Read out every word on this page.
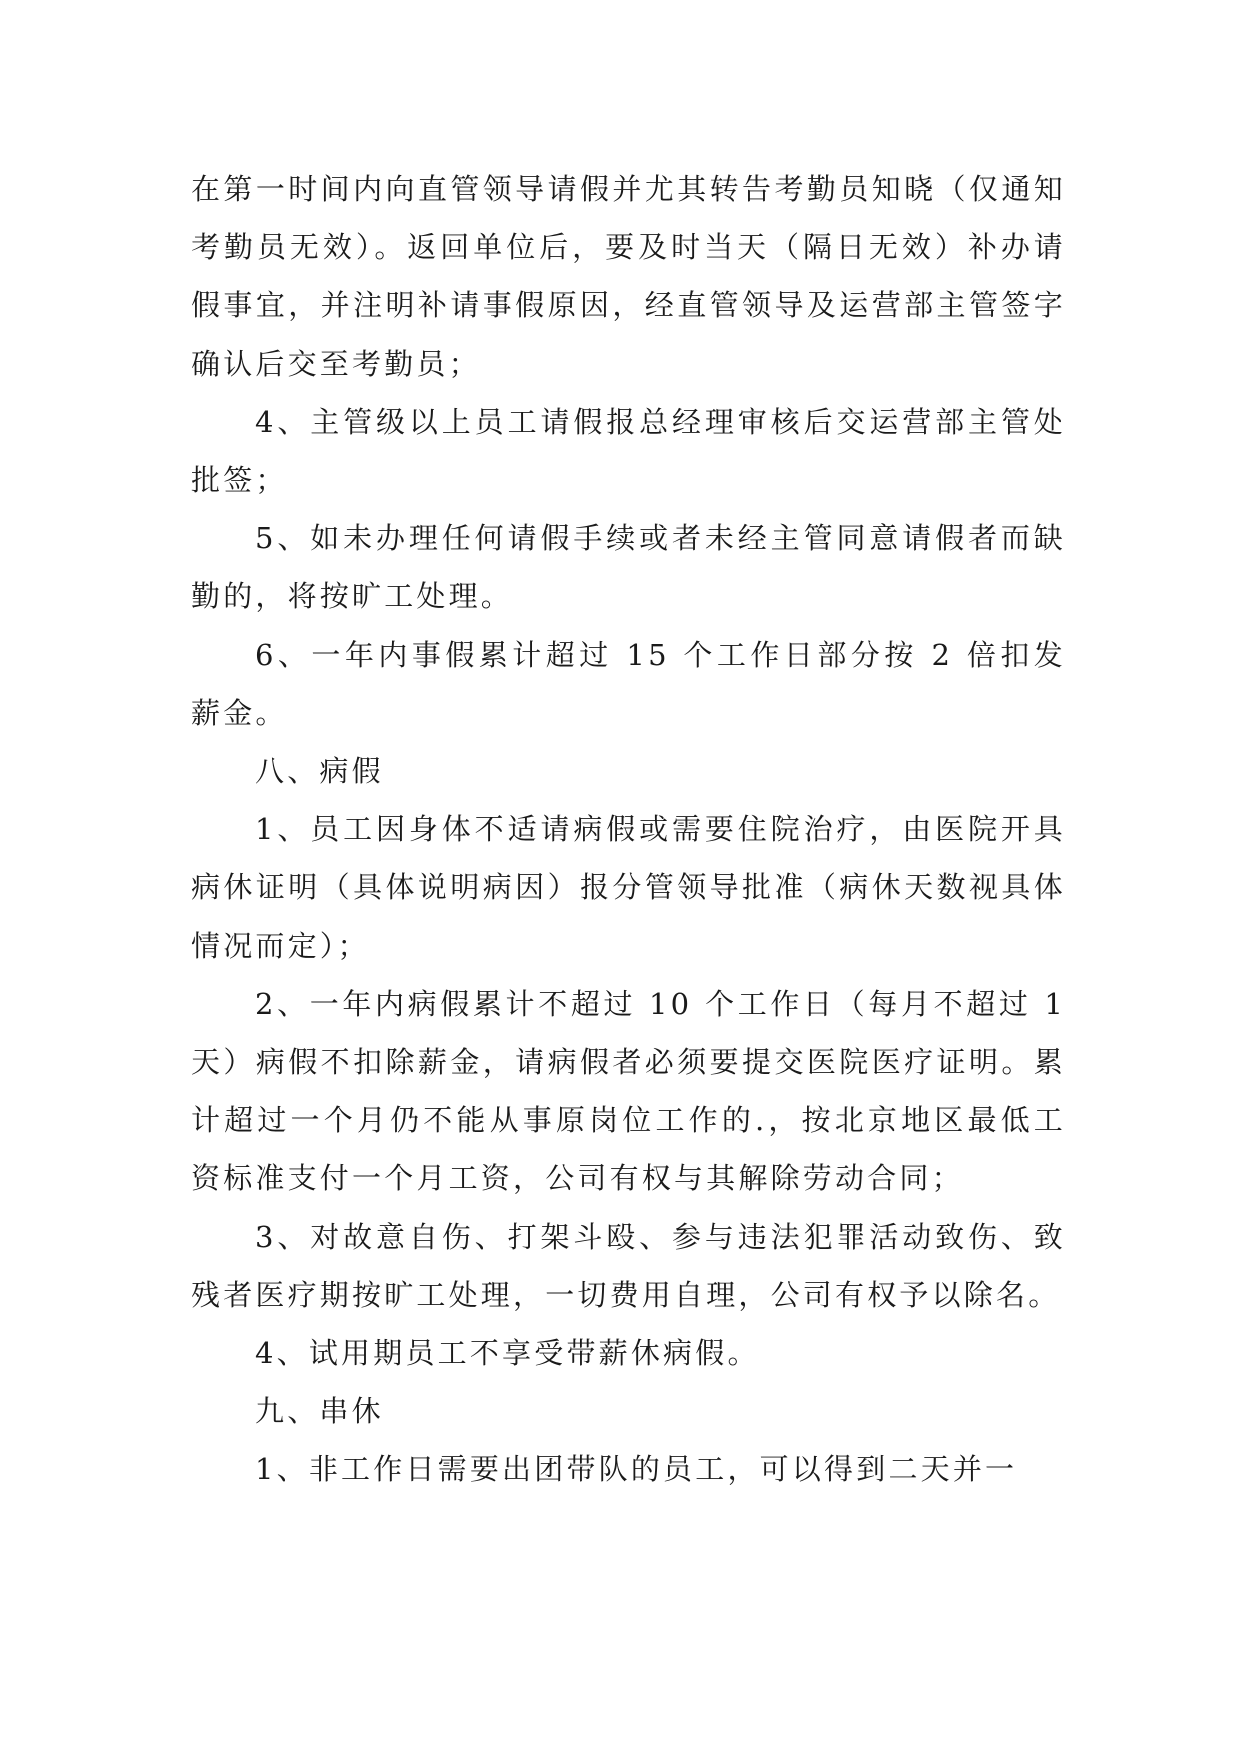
在第一时间内向直管领导请假并尤其转告考勤员知晓（仅通知考勤员无效）。返回单位后，要及时当天（隔日无效）补办请假事宜，并注明补请事假原因，经直管领导及运营部主管签字确认后交至考勤员；

4、主管级以上员工请假报总经理审核后交运营部主管处批签；

5、如未办理任何请假手续或者未经主管同意请假者而缺勤的，将按旷工处理。

6、一年内事假累计超过 15 个工作日部分按 2 倍扣发薪金。

八、病假

1、员工因身体不适请病假或需要住院治疗，由医院开具病休证明（具体说明病因）报分管领导批准（病休天数视具体情况而定）；

2、一年内病假累计不超过 10 个工作日（每月不超过 1 天）病假不扣除薪金，请病假者必须要提交医院医疗证明。累计超过一个月仍不能从事原岗位工作的.，按北京地区最低工资标准支付一个月工资，公司有权与其解除劳动合同；

3、对故意自伤、打架斗殴、参与违法犯罪活动致伤、致残者医疗期按旷工处理，一切费用自理，公司有权予以除名。

4、试用期员工不享受带薪休病假。

九、串休

1、非工作日需要出团带队的员工，可以得到二天并一
